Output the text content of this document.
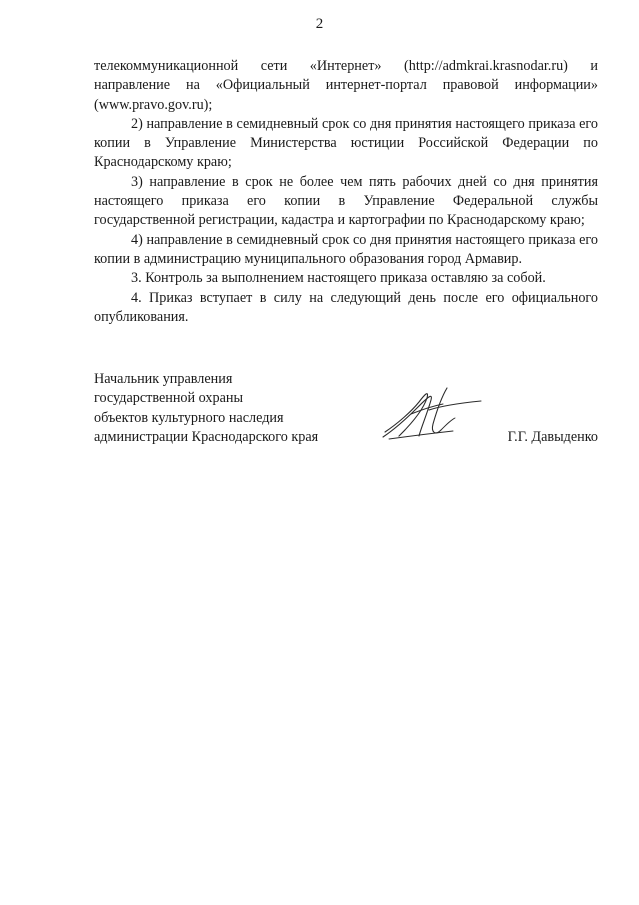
2

телекоммуникационной сети «Интернет» (http://admkrai.krasnodar.ru) и направление на «Официальный интернет-портал правовой информации» (www.pravo.gov.ru);

2) направление в семидневный срок со дня принятия настоящего приказа его копии в Управление Министерства юстиции Российской Федерации по Краснодарскому краю;

3) направление в срок не более чем пять рабочих дней со дня принятия настоящего приказа его копии в Управление Федеральной службы государственной регистрации, кадастра и картографии по Краснодарскому краю;

4) направление в семидневный срок со дня принятия настоящего приказа его копии в администрацию муниципального образования город Армавир.

3. Контроль за выполнением настоящего приказа оставляю за собой.

4. Приказ вступает в силу на следующий день после его официального опубликования.

Начальник управления
государственной охраны
объектов культурного наследия
администрации Краснодарского края	Г.Г. Давыденко
